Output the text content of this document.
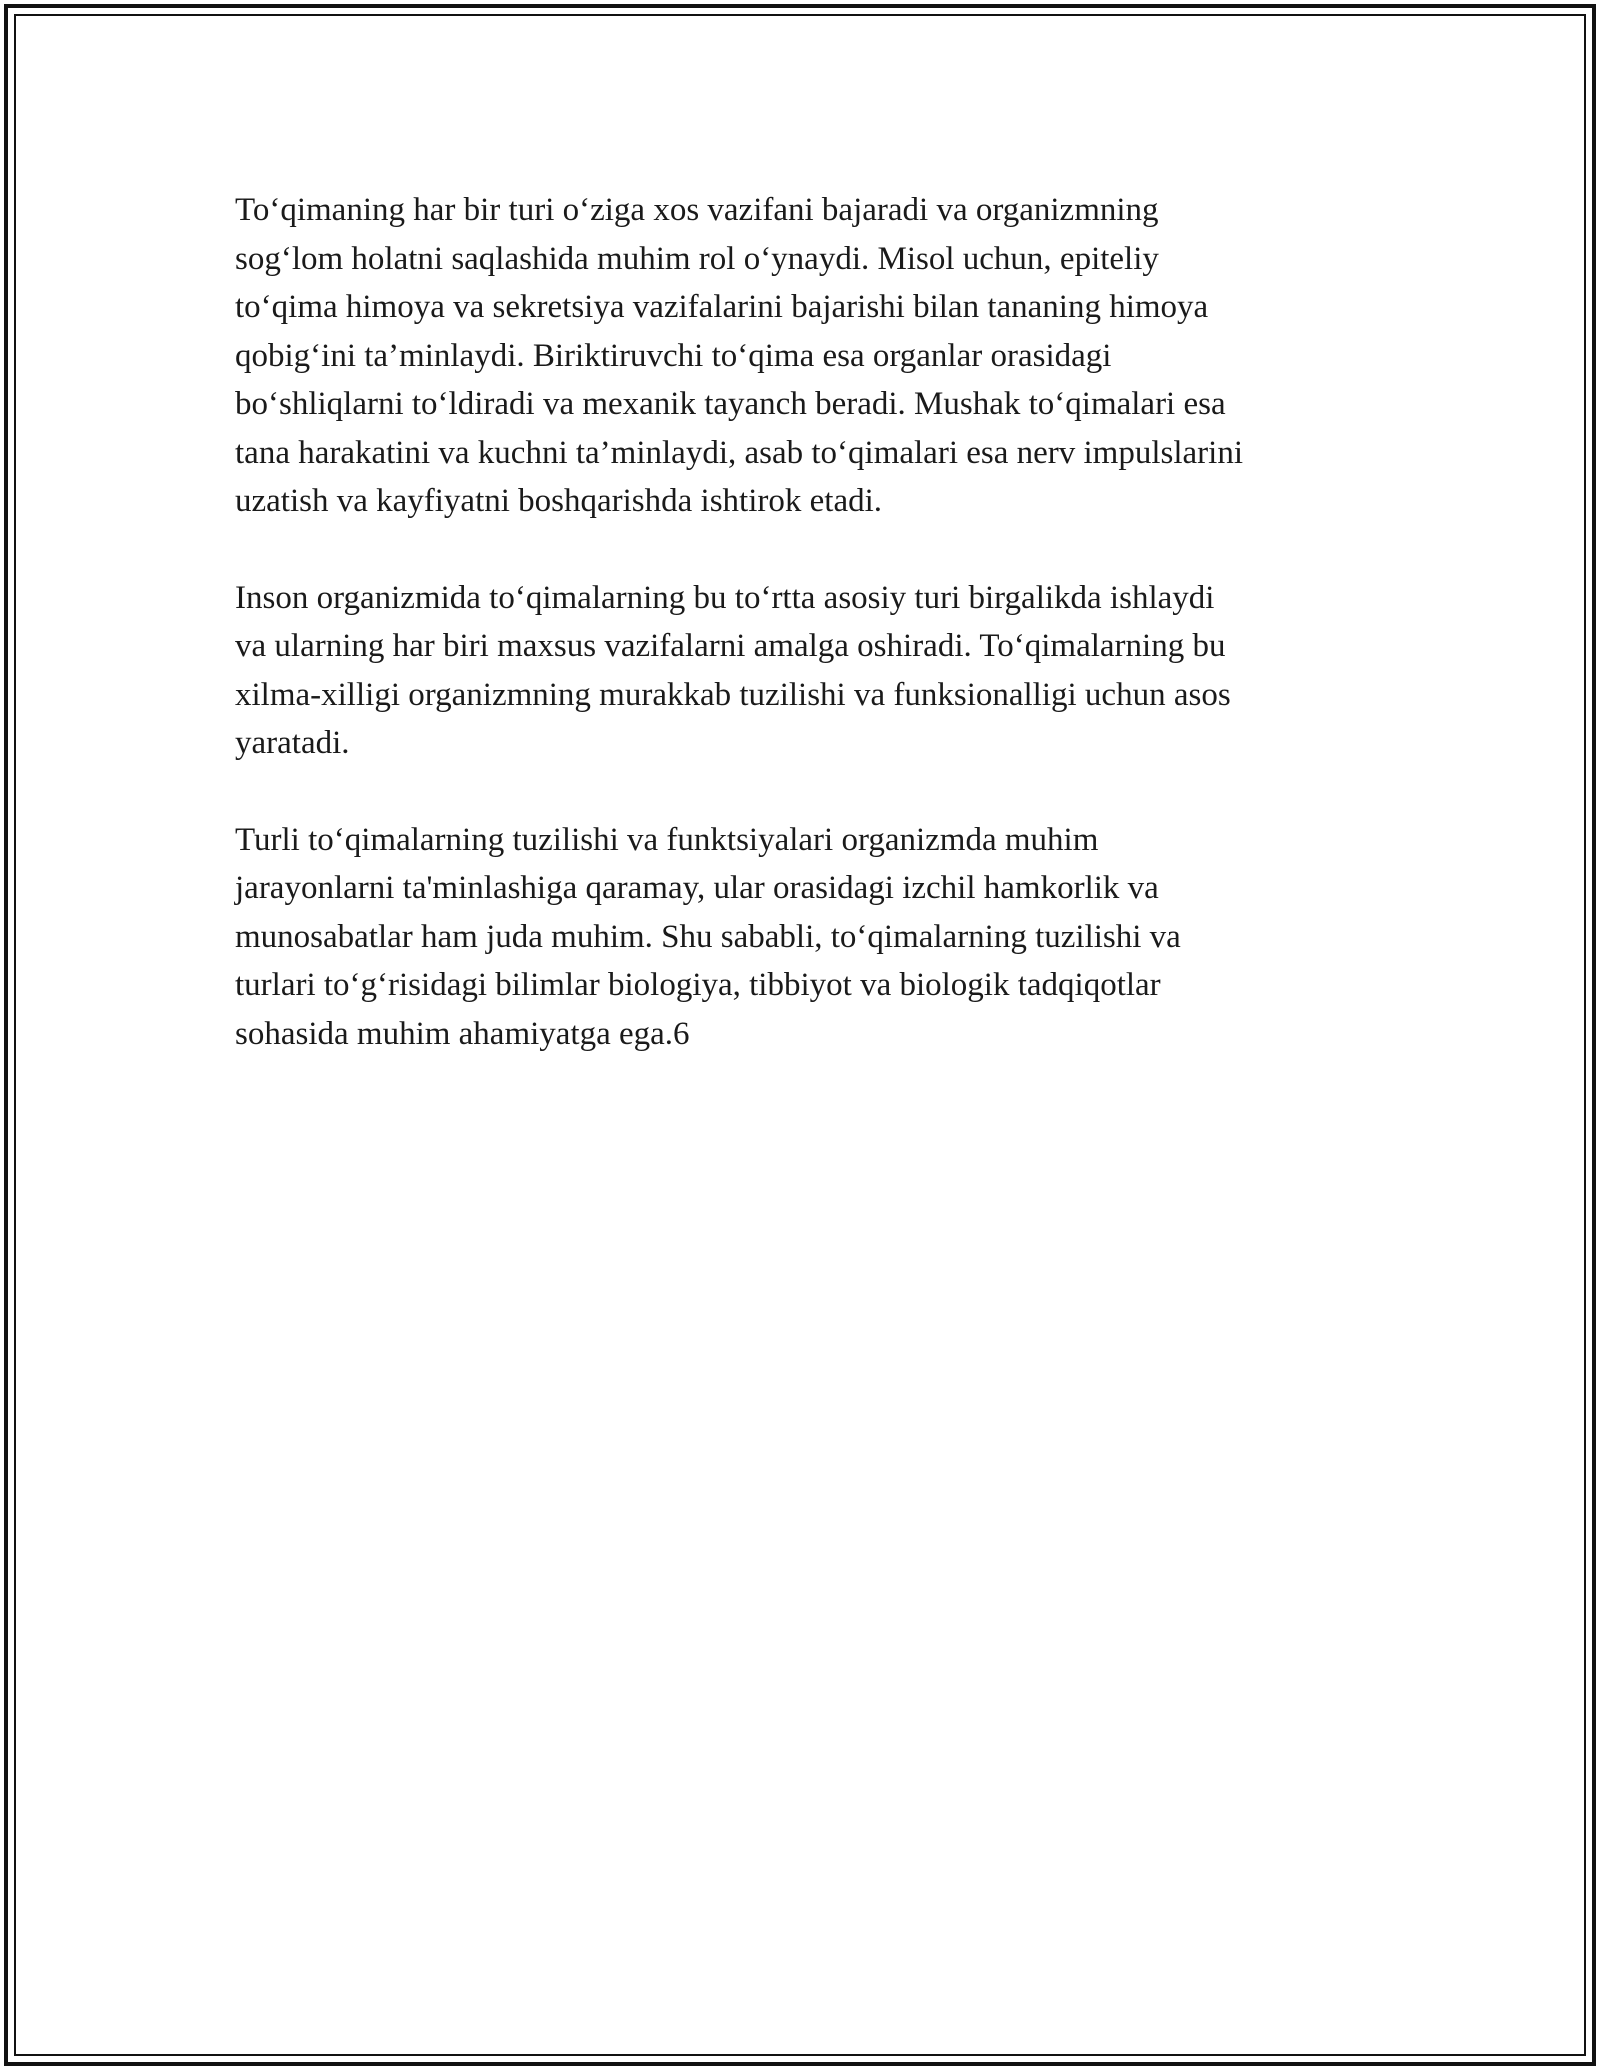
To‘qimaning har bir turi o‘ziga xos vazifani bajaradi va organizmning
sog‘lom holatni saqlashida muhim rol o‘ynaydi. Misol uchun, epiteliy
to‘qima himoya va sekretsiya vazifalarini bajarishi bilan tananing himoya
qobig‘ini ta’minlaydi. Biriktiruvchi to‘qima esa organlar orasidagi
bo‘shliqlarni to‘ldiradi va mexanik tayanch beradi. Mushak to‘qimalari esa
tana harakatini va kuchni ta’minlaydi, asab to‘qimalari esa nerv impulslarini
uzatish va kayfiyatni boshqarishda ishtirok etadi.

Inson organizmida to‘qimalarning bu to‘rtta asosiy turi birgalikda ishlaydi
va ularning har biri maxsus vazifalarni amalga oshiradi. To‘qimalarning bu
xilma-xilligi organizmning murakkab tuzilishi va funksionalligi uchun asos
yaratadi.

Turli to‘qimalarning tuzilishi va funktsiyalari organizmda muhim
jarayonlarni ta'minlashiga qaramay, ular orasidagi izchil hamkorlik va
munosabatlar ham juda muhim. Shu sababli, to‘qimalarning tuzilishi va
turlari to‘g‘risidagi bilimlar biologiya, tibbiyot va biologik tadqiqotlar
sohasida muhim ahamiyatga ega.6
